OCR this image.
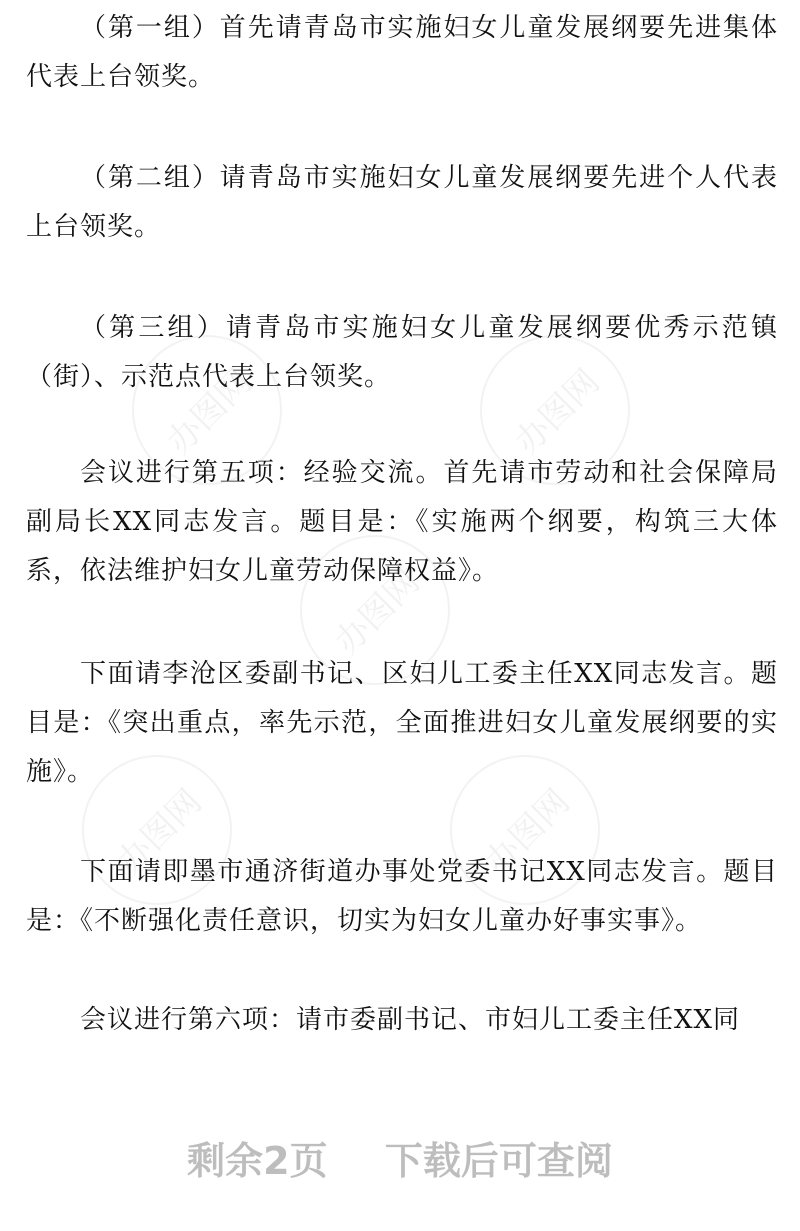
（第一组）首先请青岛市实施妇女儿童发展纲要先进集体代表上台领奖。

（第二组）请青岛市实施妇女儿童发展纲要先进个人代表上台领奖。

（第三组）请青岛市实施妇女儿童发展纲要优秀示范镇（街）、示范点代表上台领奖。

会议进行第五项：经验交流。首先请市劳动和社会保障局副局长XX同志发言。题目是：《实施两个纲要，构筑三大体系，依法维护妇女儿童劳动保障权益》。

下面请李沧区委副书记、区妇儿工委主任XX同志发言。题目是：《突出重点，率先示范，全面推进妇女儿童发展纲要的实施》。

下面请即墨市通济街道办事处党委书记XX同志发言。题目是：《不断强化责任意识，切实为妇女儿童办好事实事》。

会议进行第六项：请市委副书记、市妇儿工委主任XX同

办图网	办图网
办图网
办图网	办图网
剩余2页 下载后可查阅
